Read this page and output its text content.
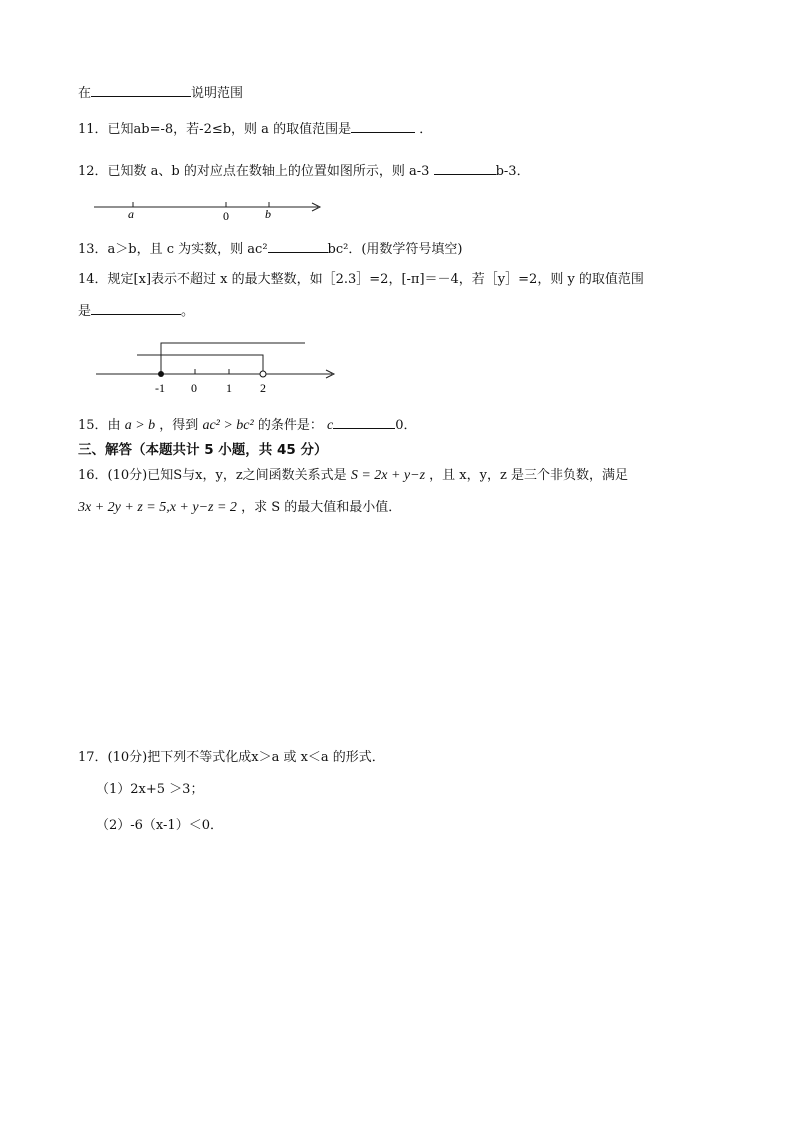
在	说明范围
11．已知ab=-8，若-2≤b，则 a 的取值范围是	．
12．已知数 a、b 的对应点在数轴上的位置如图所示，则 a-3	b-3．
a	0	b
13．a＞b，且 c 为实数，则 ac²	bc²．(用数学符号填空)
14．规定[x]表示不超过 x 的最大整数，如［2.3］=2，[-π]＝－4，若［y］=2，则 y 的取值范围
是	。
-1 0 1 2
15．由 a > b ，得到 ac² > bc² 的条件是： c	0．
三、解答（本题共计 5 小题，共 45 分）
16．(10分)已知S与x，y，z之间函数关系式是 S = 2x + y−z ，且 x，y，z 是三个非负数，满足
3x + 2y + z = 5,x + y−z = 2 ，求 S 的最大值和最小值．
17．(10分)把下列不等式化成x＞a 或 x＜a 的形式．
（1）2x+5 ＞3；
（2）-6（x-1）＜0．
